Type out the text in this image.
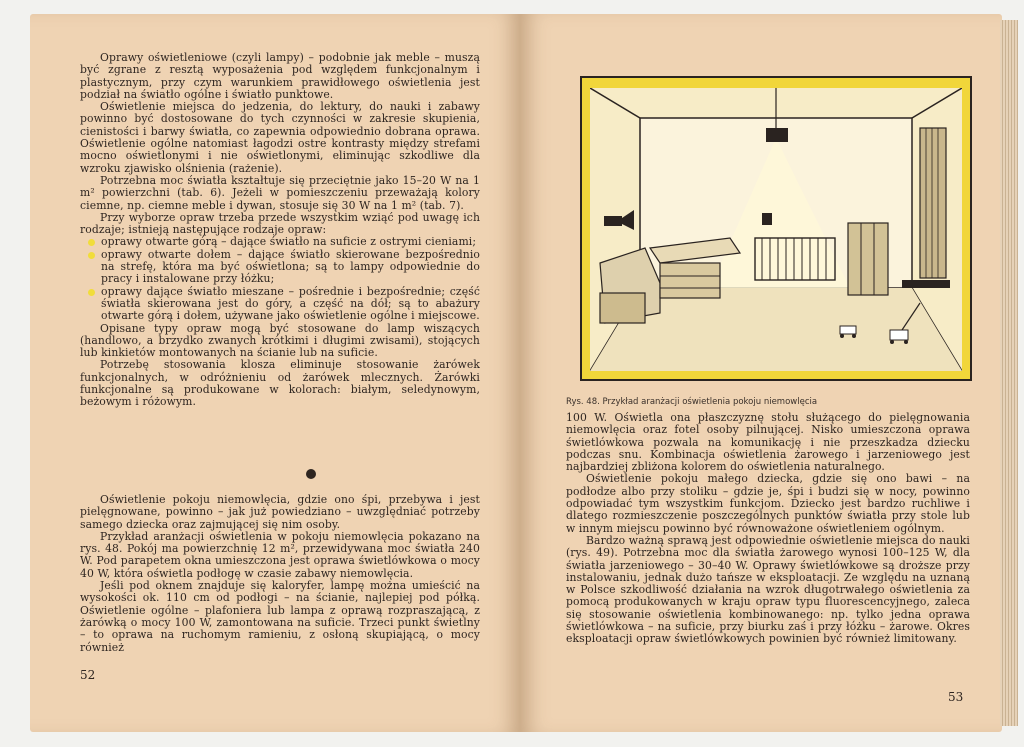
Oprawy oświetleniowe (czyli lampy) – podobnie jak meble – muszą być zgrane z resztą wyposażenia pod względem funkcjonalnym i plastycznym, przy czym warunkiem prawidłowego oświetlenia jest podział na światło ogólne i światło punktowe.

Oświetlenie miejsca do jedzenia, do lektury, do nauki i zabawy powinno być dostosowane do tych czynności w zakresie skupienia, cienistości i barwy światła, co zapewnia odpowiednio dobrana oprawa. Oświetlenie ogólne natomiast łagodzi ostre kontrasty między strefami mocno oświetlonymi i nie oświetlonymi, eliminując szkodliwe dla wzroku zjawisko olśnienia (rażenie).

Potrzebna moc światła kształtuje się przeciętnie jako 15–20 W na 1 m² powierzchni (tab. 6). Jeżeli w pomieszczeniu przeważają kolory ciemne, np. ciemne meble i dywan, stosuje się 30 W na 1 m² (tab. 7).

Przy wyborze opraw trzeba przede wszystkim wziąć pod uwagę ich rodzaje; istnieją następujące rodzaje opraw:

oprawy otwarte górą – dające światło na suficie z ostrymi cieniami;
oprawy otwarte dołem – dające światło skierowane bezpośrednio na strefę, która ma być oświetlona; są to lampy odpowiednie do pracy i instalowane przy łóżku;
oprawy dające światło mieszane – pośrednie i bezpośrednie; część światła skierowana jest do góry, a część na dół; są to abażury otwarte górą i dołem, używane jako oświetlenie ogólne i miejscowe.

Opisane typy opraw mogą być stosowane do lamp wiszących (handlowo, a brzydko zwanych krótkimi i długimi zwisami), stojących lub kinkietów montowanych na ścianie lub na suficie.

Potrzebę stosowania klosza eliminuje stosowanie żarówek funkcjonalnych, w odróżnieniu od żarówek mlecznych. Żarówki funkcjonalne są produkowane w kolorach: białym, seledynowym, beżowym i różowym.

Oświetlenie pokoju niemowlęcia, gdzie ono śpi, przebywa i jest pielęgnowane, powinno – jak już powiedziano – uwzględniać potrzeby samego dziecka oraz zajmującej się nim osoby.

Przykład aranżacji oświetlenia w pokoju niemowlęcia pokazano na rys. 48. Pokój ma powierzchnię 12 m², przewidywana moc światła 240 W. Pod parapetem okna umieszczona jest oprawa świetlówkowa o mocy 40 W, która oświetla podłogę w czasie zabawy niemowlęcia.

Jeśli pod oknem znajduje się kaloryfer, lampę można umieścić na wysokości ok. 110 cm od podłogi – na ścianie, najlepiej pod półką. Oświetlenie ogólne – plafoniera lub lampa z oprawą rozpraszającą, z żarówką o mocy 100 W, zamontowana na suficie. Trzeci punkt świetlny – to oprawa na ruchomym ramieniu, z osłoną skupiającą, o mocy również

52
Rys. 48. Przykład aranżacji oświetlenia pokoju niemowlęcia

100 W. Oświetla ona płaszczyznę stołu służącego do pielęgnowania niemowlęcia oraz fotel osoby pilnującej. Nisko umieszczona oprawa świetlówkowa pozwala na komunikację i nie przeszkadza dziecku podczas snu. Kombinacja oświetlenia żarowego i jarzeniowego jest najbardziej zbliżona kolorem do oświetlenia naturalnego.

Oświetlenie pokoju małego dziecka, gdzie się ono bawi – na podłodze albo przy stoliku – gdzie je, śpi i budzi się w nocy, powinno odpowiadać tym wszystkim funkcjom. Dziecko jest bardzo ruchliwe i dlatego rozmieszczenie poszczególnych punktów światła przy stole lub w innym miejscu powinno być równoważone oświetleniem ogólnym.

Bardzo ważną sprawą jest odpowiednie oświetlenie miejsca do nauki (rys. 49). Potrzebna moc dla światła żarowego wynosi 100–125 W, dla światła jarzeniowego – 30–40 W. Oprawy świetlówkowe są droższe przy instalowaniu, jednak dużo tańsze w eksploatacji. Ze względu na uznaną w Polsce szkodliwość działania na wzrok długotrwałego oświetlenia za pomocą produkowanych w kraju opraw typu fluorescencyjnego, zaleca się stosowanie oświetlenia kombinowanego: np. tylko jedna oprawa świetlówkowa – na suficie, przy biurku zaś i przy łóżku – żarowe. Okres eksploatacji opraw świetlówkowych powinien być również limitowany.

53
